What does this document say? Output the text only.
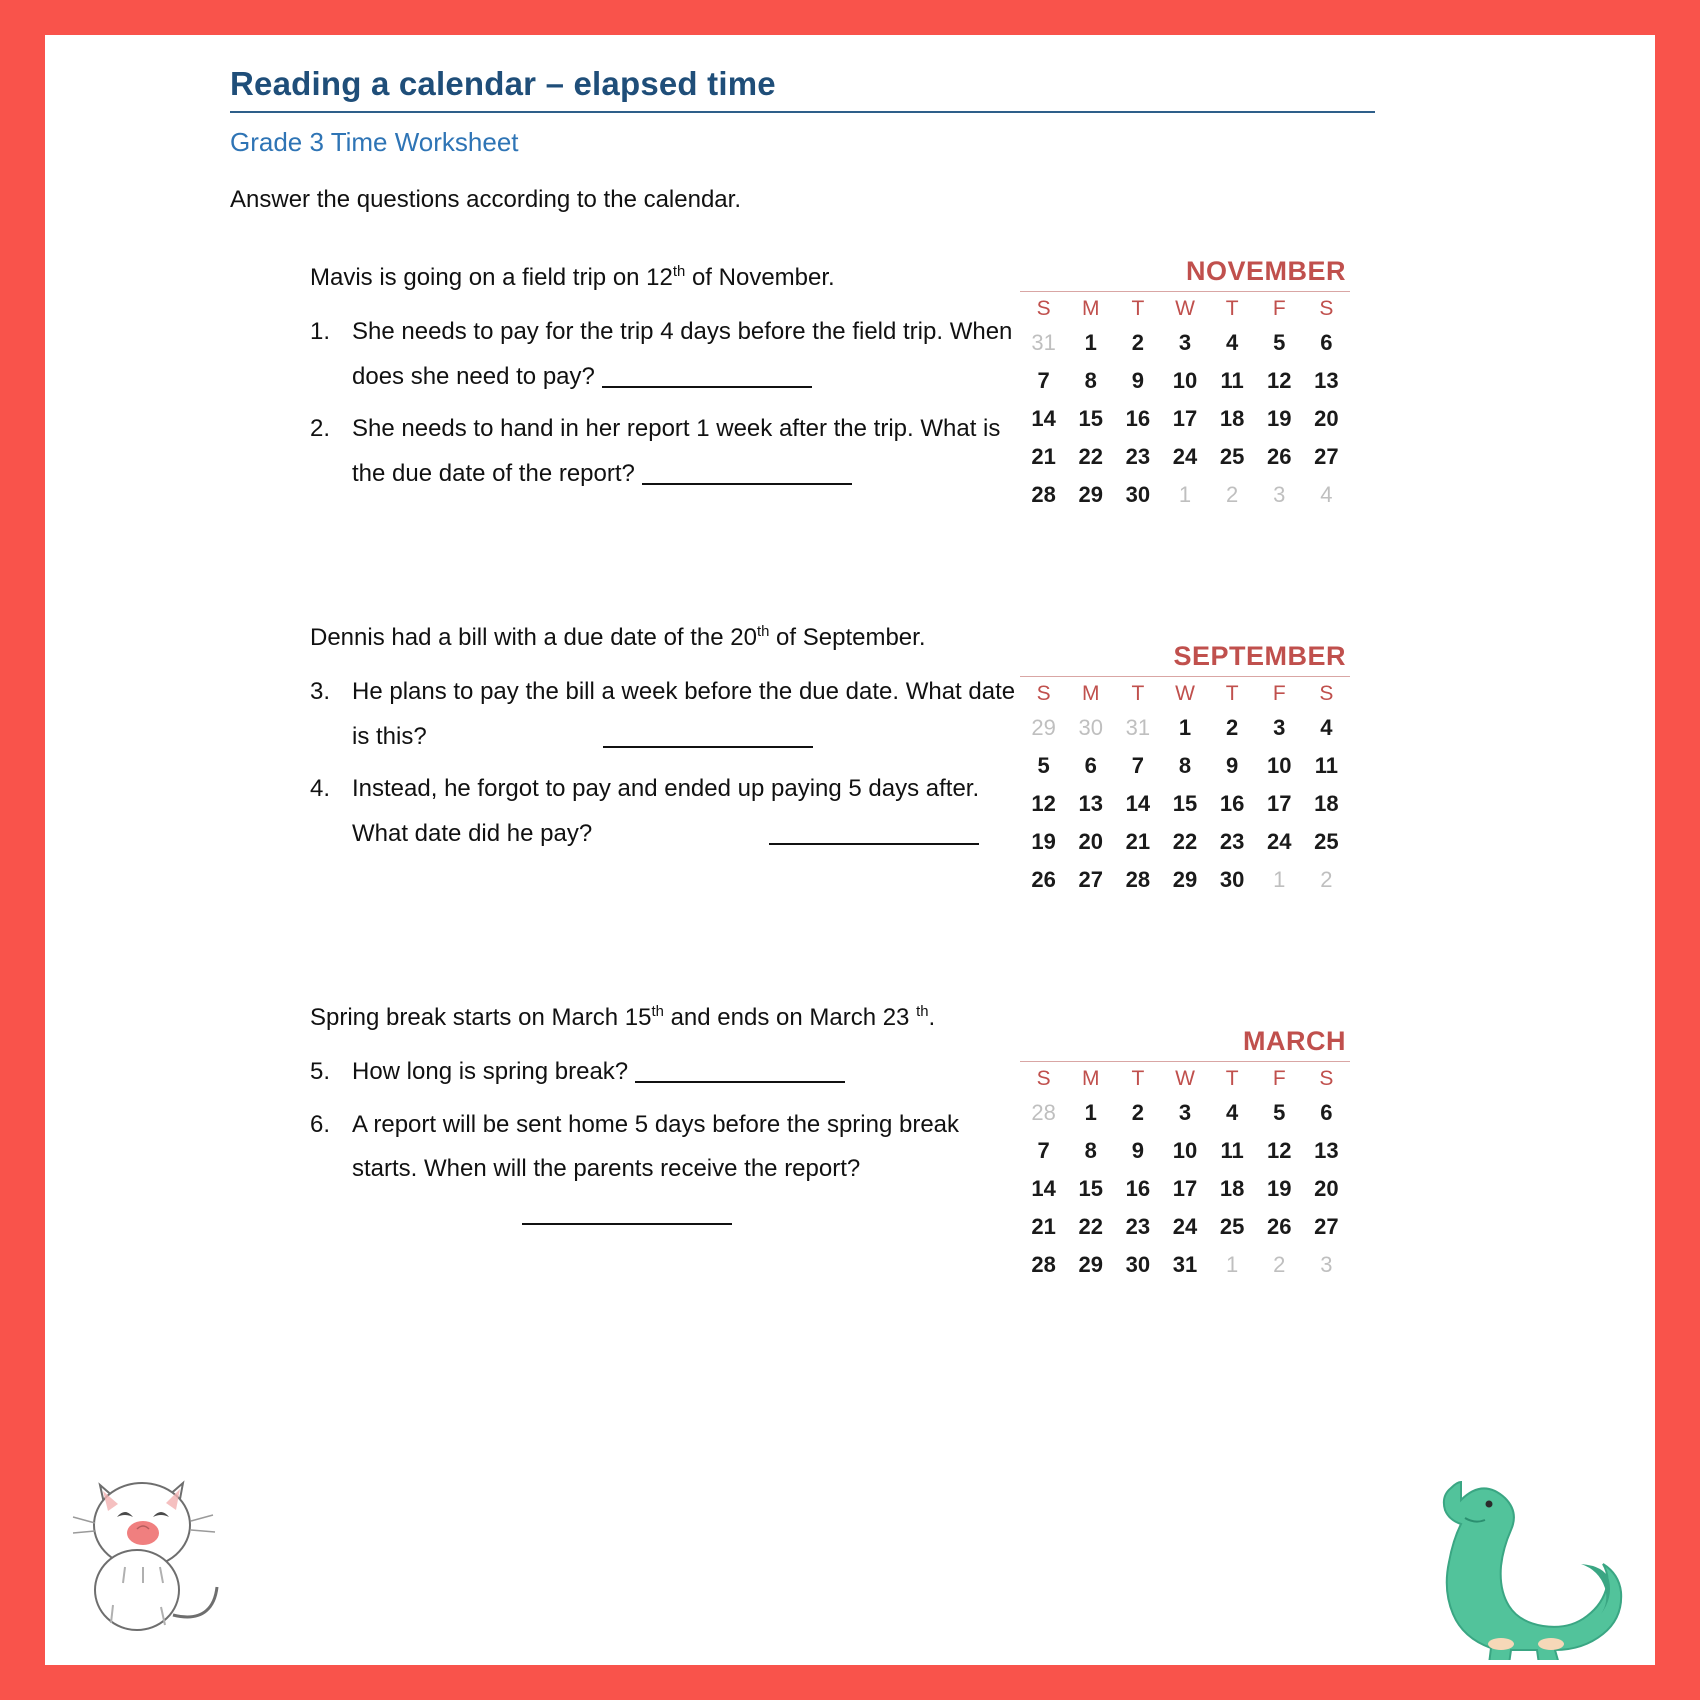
Reading a calendar – elapsed time
Grade 3 Time Worksheet
Answer the questions according to the calendar.
Mavis is going on a field trip on 12th of November.
1. She needs to pay for the trip 4 days before the field trip. When does she need to pay?
2. She needs to hand in her report 1 week after the trip. What is the due date of the report?
NOVEMBER
S	M	T	W	T	F	S
31	1	2	3	4	5	6
7	8	9	10	11	12	13
14	15	16	17	18	19	20
21	22	23	24	25	26	27
28	29	30	1	2	3	4
Dennis had a bill with a due date of the 20th of September.
3. He plans to pay the bill a week before the due date. What date is this?
4. Instead, he forgot to pay and ended up paying 5 days after. What date did he pay?
SEPTEMBER
S	M	T	W	T	F	S
29	30	31	1	2	3	4
5	6	7	8	9	10	11
12	13	14	15	16	17	18
19	20	21	22	23	24	25
26	27	28	29	30	1	2
Spring break starts on March 15th and ends on March 23 $^{th}$.
5. How long is spring break?
6. A report will be sent home 5 days before the spring break starts. When will the parents receive the report?
MARCH
S	M	T	W	T	F	S
28	1	2	3	4	5	6
7	8	9	10	11	12	13
14	15	16	17	18	19	20
21	22	23	24	25	26	27
28	29	30	31	1	2	3
